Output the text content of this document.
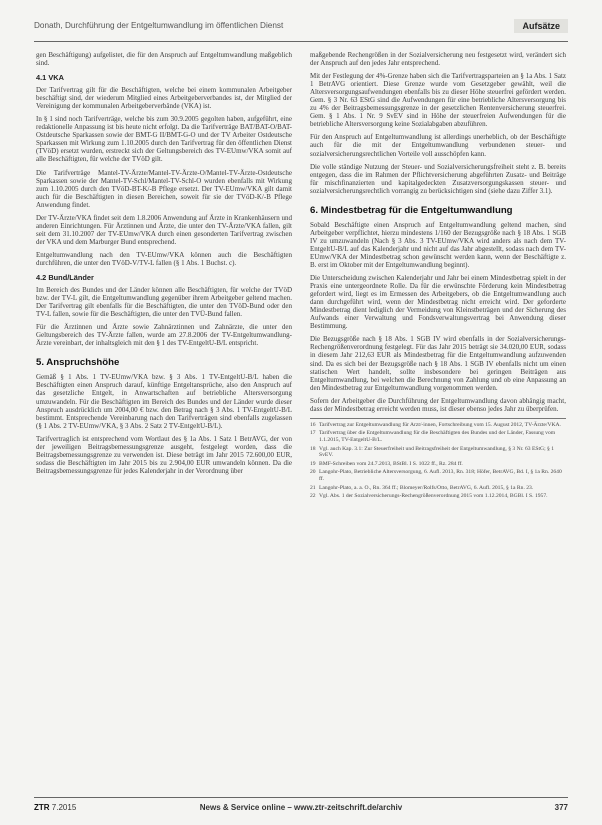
Donath, Durchführung der Entgeltumwandlung im öffentlichen Dienst	Aufsätze

gen Beschäftigung) aufgelistet, die für den Anspruch auf Entgeltumwandlung maßgeblich sind.

4.1 VKA

Der Tarifvertrag gilt für die Beschäftigten, welche bei einem kommunalen Arbeitgeber beschäftigt sind, der wiederum Mitglied eines Arbeitgeberverbandes ist, der Mitglied der Vereinigung der kommunalen Arbeitgeberverbände (VKA) ist.

In § 1 sind noch Tarifverträge, welche bis zum 30.9.2005 gegolten haben, aufgeführt, eine redaktionelle Anpassung ist bis heute nicht erfolgt. Da die Tarifverträge BAT/BAT-O/BAT-Ostdeutsche Sparkassen sowie der BMT-G II/BMT-G-O und der TV Arbeiter Ostdeutsche Sparkassen mit Wirkung zum 1.10.2005 durch den Tarifvertrag für den öffentlichen Dienst (TVöD) ersetzt wurden, erstreckt sich der Geltungsbereich des TV-EUmw/VKA somit auf alle Beschäftigten, für welche der TVöD gilt.

Die Tarifverträge Mantel-TV-Ärzte/Mantel-TV-Ärzte-O/Mantel-TV-Ärzte-Ostdeutsche Sparkassen sowie der Mantel-TV-Schl/Mantel-TV-Schl-O wurden ebenfalls mit Wirkung zum 1.10.2005 durch den TVöD-BT-K/-B Pflege ersetzt. Der TV-EUmw/VKA gilt damit auch für die Beschäftigten in diesen Bereichen, soweit für sie der TVöD-K/-B Pflege Anwendung findet.

Der TV-Ärzte/VKA findet seit dem 1.8.2006 Anwendung auf Ärzte in Krankenhäusern und anderen Einrichtungen. Für Ärztinnen und Ärzte, die unter den TV-Ärzte/VKA fallen, gilt seit dem 31.10.2007 der TV-EUmw/VKA durch einen gesonderten Tarifvertrag zwischen der VKA und dem Marburger Bund entsprechend.

Entgeltumwandlung nach den TV-EUmw/VKA können auch die Beschäftigten durchführen, die unter den TVöD-V/TV-L fallen (§ 1 Abs. 1 Buchst. c).

4.2 Bund/Länder

Im Bereich des Bundes und der Länder können alle Beschäftigten, für welche der TVöD bzw. der TV-L gilt, die Entgeltumwandlung gegenüber ihrem Arbeitgeber geltend machen. Der Tarifvertrag gilt ebenfalls für die Beschäftigten, die unter den TVöD-Bund oder den TV-L fallen, sowie für die Beschäftigten, die unter den TVÜ-Bund fallen.

Für die Ärztinnen und Ärzte sowie Zahnärztinnen und Zahnärzte, die unter den Geltungsbereich des TV-Ärzte fallen, wurde am 27.8.2006 der TV-Entgeltumwandlung-Ärzte vereinbart, der inhaltsgleich mit den § 1 des TV-EntgeltU-B/L entspricht.

5. Anspruchshöhe

Gemäß § 1 Abs. 1 TV-EUmw/VKA bzw. § 3 Abs. 1 TV-EntgeltU-B/L haben die Beschäftigten einen Anspruch darauf, künftige Entgeltansprüche, also den Anspruch auf das gesetzliche Entgelt, in Anwartschaften auf betriebliche Altersversorgung umzuwandeln. Für die Beschäftigten im Bereich des Bundes und der Länder wurde dieser Anspruch ausdrücklich um 2004,00 € bzw. den Betrag nach § 3 Abs. 1 TV-EntgeltU-B/L bestimmt. Entsprechende Vereinbarung nach den Tarifverträgen sind ebenfalls zugelassen (§ 1 Abs. 2 TV-EUmw/VKA, § 3 Abs. 2 Satz 2 TV-EntgeltU-B/L).

Tarifvertraglich ist entsprechend vom Wortlaut des § 1a Abs. 1 Satz 1 BetrAVG, der von der jeweiligen Beitragsbemessungsgrenze ausgeht, festgelegt worden, dass die Beitragsbemessungsgrenze zu verwenden ist. Diese beträgt im Jahr 2015 72.600,00 EUR, sodass die Beschäftigten im Jahr 2015 bis zu 2.904,00 EUR umwandeln können. Da die Beitragsbemessungsgrenze für jedes Kalenderjahr in der Verordnung über

maßgebende Rechengrößen in der Sozialversicherung neu festgesetzt wird, verändert sich der Anspruch auf den jedes Jahr entsprechend.

Mit der Festlegung der 4%-Grenze haben sich die Tarifvertragsparteien an § 1a Abs. 1 Satz 1 BetrAVG orientiert. Diese Grenze wurde vom Gesetzgeber gewählt, weil die Altersversorgungsaufwendungen ebenfalls bis zu dieser Höhe steuerfrei gefördert werden. Gem. § 3 Nr. 63 EStG sind die Aufwendungen für eine betriebliche Altersversorgung bis zu 4% der Beitragsbemessungsgrenze in der gesetzlichen Rentenversicherung steuerfrei. Gem. § 1 Abs. 1 Nr. 9 SvEV sind in Höhe der steuerfreien Aufwendungen für die betriebliche Altersversorgung keine Sozialabgaben abzuführen.

Für den Anspruch auf Entgeltumwandlung ist allerdings unerheblich, ob der Beschäftigte auch für die mit der Entgeltumwandlung verbundenen steuer- und sozialversicherungsrechtlichen Vorteile voll ausschöpfen kann.

Die volle ständige Nutzung der Steuer- und Sozialversicherungsfreiheit steht z. B. bereits entgegen, dass die im Rahmen der Pflichtversicherung abgeführten Zusatz- und Beiträge für mischfinanzierten und kapitalgedeckten Zusatzversorgungskassen steuer- und sozialversicherungsrechtlich vorrangig zu berücksichtigen sind (siehe dazu Ziffer 3.1).

6. Mindestbetrag für die Entgeltumwandlung

Sobald Beschäftigte einen Anspruch auf Entgeltumwandlung geltend machen, sind Arbeitgeber verpflichtet, hierzu mindestens 1/160 der Bezugsgröße nach § 18 Abs. 1 SGB IV zu umzuwandeln (Nach § 3 Abs. 3 TV-EUmw/VKA wird anders als nach dem TV-EntgeltU-B/L auf das Kalenderjahr und nicht auf das Jahr abgestellt, sodass nach dem TV-EUmw/VKA der Mindestbetrag schon gewünscht werden kann, wenn der Beschäftigte z. B. erst im Oktober mit der Entgeltumwandlung beginnt).

Die Unterscheidung zwischen Kalenderjahr und Jahr bei einem Mindestbetrag spielt in der Praxis eine untergeordnete Rolle. Da für die erwünschte Förderung kein Mindestbetrag gefordert wird, liegt es im Ermessen des Arbeitgebers, ob die Entgeltumwandlung auch dann durchgeführt wird, wenn der Mindestbetrag nicht erreicht wird. Der geforderte Mindestbetrag dient lediglich der Vermeidung von Kleinstbeträgen und der Sicherung des Aufwands einer Verwaltung und Fondsverwaltungsvertrag bei Anwendung dieser Bestimmung.

Die Bezugsgröße nach § 18 Abs. 1 SGB IV wird ebenfalls in der Sozialversicherungs-Rechengrößenverordnung festgelegt. Für das Jahr 2015 beträgt sie 34.020,00 EUR, sodass in diesem Jahr 212,63 EUR als Mindestbetrag für die Entgeltumwandlung aufzuwenden sind. Da es sich bei der Bezugsgröße nach § 18 Abs. 1 SGB IV ebenfalls nicht um einen statischen Wert handelt, sollte insbesondere bei geringen Beiträgen aus Entgeltumwandlung, bei welchen die Berechnung von Zahlung und ob eine Anpassung an den Mindestbetrag zur Entgeltumwandlung vorgenommen werden.

Sofern der Arbeitgeber die Durchführung der Entgeltumwandlung davon abhängig macht, dass der Mindestbetrag erreicht werden muss, ist dieser ebenso jedes Jahr zu überprüfen.

16 Tarifvertrag zur Entgeltumwandlung für Arzt/-innen, Fortschreibung vom 15. August 2012, TV-Ärzte/VKA.
17 Tarifvertrag über die Entgeltumwandlung für die Beschäftigten des Bundes und der Länder, Fassung vom 1.1.2015, TV-EntgeltU-B/L.
18 Vgl. auch Kap. 3.1: Zur Steuerfreiheit und Beitragsfreiheit der Entgeltumwandlung, § 3 Nr. 63 EStG; § 1 SvEV.
19 BMF-Schreiben vom 24.7.2013, BStBl. I S. 1022 ff., Rz. 284 ff.
20 Langohr-Plato, Betriebliche Altersversorgung, 6. Aufl. 2013, Rn. 318; Höfer, BetrAVG, Bd. I, § 1a Rn. 2640 ff.
21 Langohr-Plato, a. a. O., Rn. 364 ff.; Blomeyer/Rolfs/Otto, BetrAVG, 6. Aufl. 2015, § 1a Rn. 23.
22 Vgl. Abs. 1 der Sozialversicherungs-Rechengrößenverordnung 2015 vom 1.12.2014, BGBl. I S. 1957.
ZTR 7.2015	News & Service online – www.ztr-zeitschrift.de/archiv	377
